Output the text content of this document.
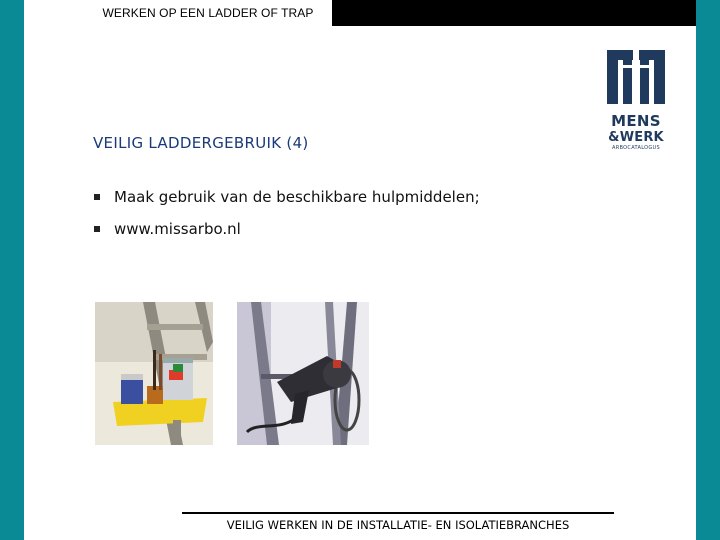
WERKEN OP EEN LADDER OF TRAP
VEILIG LADDERGEBRUIK (4)
Maak gebruik van de beschikbare hulpmiddelen;
www.missarbo.nl
MENS
&WERK
ARBOCATALOGUS
VEILIG WERKEN IN DE INSTALLATIE- EN ISOLATIEBRANCHES
